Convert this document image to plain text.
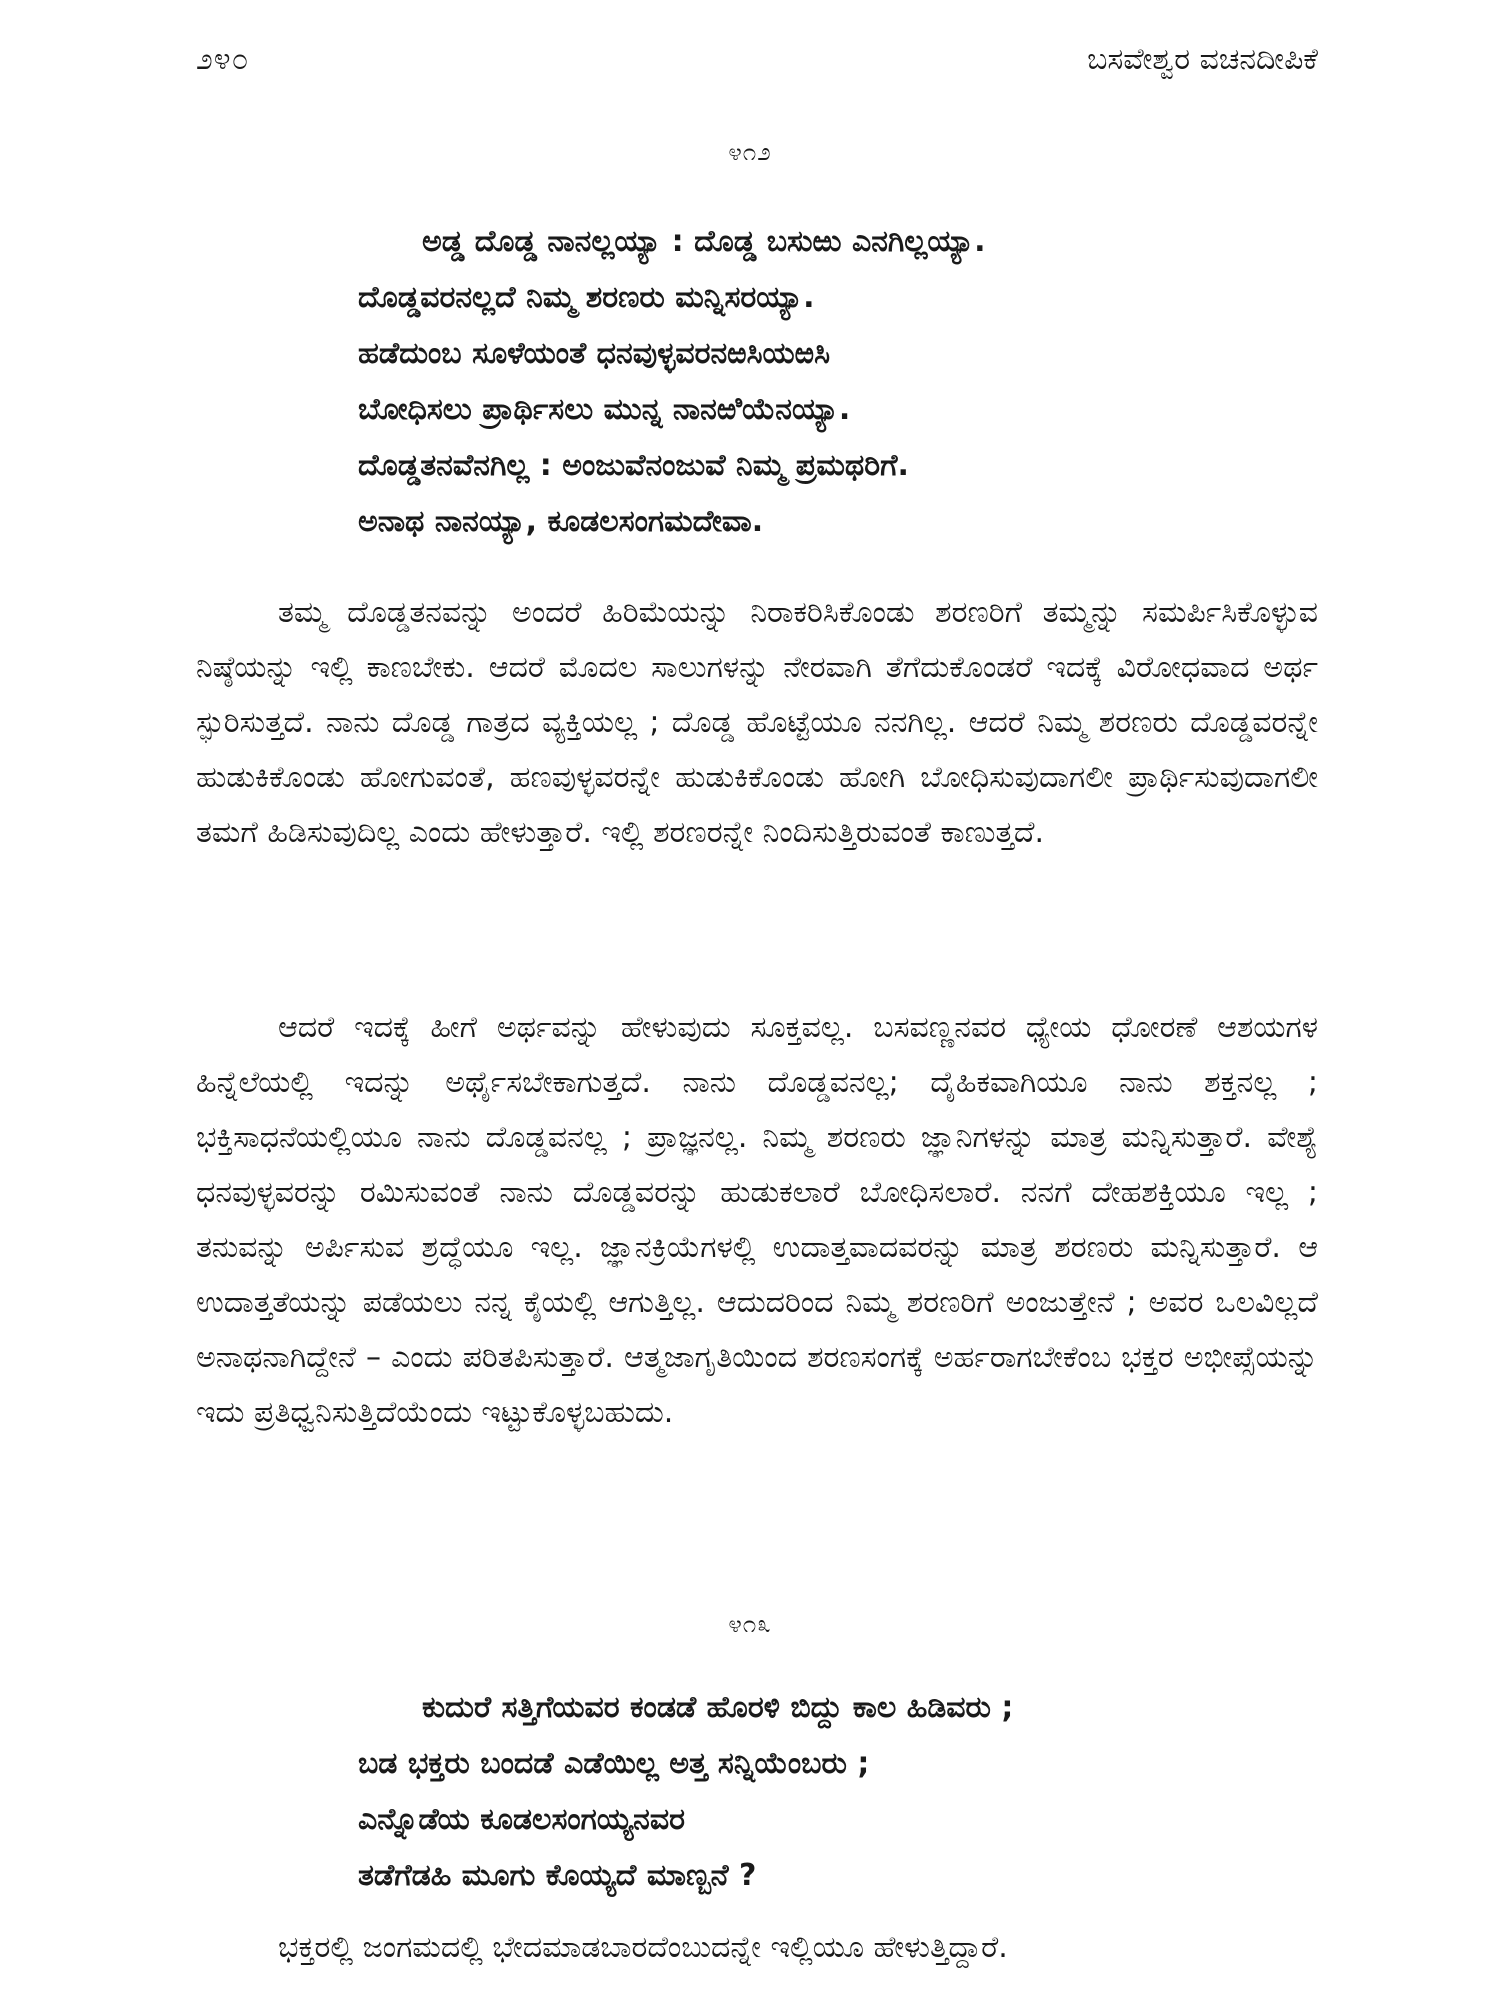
೨೪೦	ಬಸವೇಶ್ವರ ವಚನದೀಪಿಕೆ
೪೧೨
ಅಡ್ಡ ದೊಡ್ಡ ನಾನಲ್ಲಯ್ಯಾ : ದೊಡ್ಡ ಬಸುಱು ಎನಗಿಲ್ಲಯ್ಯಾ.
ದೊಡ್ಡವರನಲ್ಲದೆ ನಿಮ್ಮ ಶರಣರು ಮನ್ನಿಸರಯ್ಯಾ.
ಹಡೆದುಂಬ ಸೂಳೆಯಂತೆ ಧನವುಳ್ಳವರನಱಸಿಯಱಸಿ
ಬೋಧಿಸಲು ಪ್ರಾರ್ಥಿಸಲು ಮುನ್ನ ನಾನಱಿಯೆನಯ್ಯಾ.
ದೊಡ್ಡತನವೆನಗಿಲ್ಲ : ಅಂಜುವೆನಂಜುವೆ ನಿಮ್ಮ ಪ್ರಮಥರಿಗೆ.
ಅನಾಥ ನಾನಯ್ಯಾ, ಕೂಡಲಸಂಗಮದೇವಾ.

ತಮ್ಮ ದೊಡ್ಡತನವನ್ನು ಅಂದರೆ ಹಿರಿಮೆಯನ್ನು ನಿರಾಕರಿಸಿಕೊಂಡು ಶರಣರಿಗೆ ತಮ್ಮನ್ನು ಸಮರ್ಪಿಸಿಕೊಳ್ಳುವ ನಿಷ್ಠೆಯನ್ನು ಇಲ್ಲಿ ಕಾಣಬೇಕು. ಆದರೆ ಮೊದಲ ಸಾಲುಗಳನ್ನು ನೇರವಾಗಿ ತೆಗೆದುಕೊಂಡರೆ ಇದಕ್ಕೆ ವಿರೋಧವಾದ ಅರ್ಥ ಸ್ಫುರಿಸುತ್ತದೆ. ನಾನು ದೊಡ್ಡ ಗಾತ್ರದ ವ್ಯಕ್ತಿಯಲ್ಲ ; ದೊಡ್ಡ ಹೊಟ್ಟೆಯೂ ನನಗಿಲ್ಲ. ಆದರೆ ನಿಮ್ಮ ಶರಣರು ದೊಡ್ಡವರನ್ನೇ ಹುಡುಕಿಕೊಂಡು ಹೋಗುವಂತೆ, ಹಣವುಳ್ಳವರನ್ನೇ ಹುಡುಕಿಕೊಂಡು ಹೋಗಿ ಬೋಧಿಸುವುದಾಗಲೀ ಪ್ರಾರ್ಥಿಸುವುದಾಗಲೀ ತಮಗೆ ಹಿಡಿಸುವುದಿಲ್ಲ ಎಂದು ಹೇಳುತ್ತಾರೆ. ಇಲ್ಲಿ ಶರಣರನ್ನೇ ನಿಂದಿಸುತ್ತಿರುವಂತೆ ಕಾಣುತ್ತದೆ.

ಆದರೆ ಇದಕ್ಕೆ ಹೀಗೆ ಅರ್ಥವನ್ನು ಹೇಳುವುದು ಸೂಕ್ತವಲ್ಲ. ಬಸವಣ್ಣನವರ ಧ್ಯೇಯ ಧೋರಣೆ ಆಶಯಗಳ ಹಿನ್ನೆಲೆಯಲ್ಲಿ ಇದನ್ನು ಅರ್ಥೈಸಬೇಕಾಗುತ್ತದೆ. ನಾನು ದೊಡ್ಡವನಲ್ಲ; ದೈಹಿಕವಾಗಿಯೂ ನಾನು ಶಕ್ತನಲ್ಲ ; ಭಕ್ತಿಸಾಧನೆಯಲ್ಲಿಯೂ ನಾನು ದೊಡ್ಡವನಲ್ಲ ; ಪ್ರಾಜ್ಞನಲ್ಲ. ನಿಮ್ಮ ಶರಣರು ಜ್ಞಾನಿಗಳನ್ನು ಮಾತ್ರ ಮನ್ನಿಸುತ್ತಾರೆ. ವೇಶ್ಯೆ ಧನವುಳ್ಳವರನ್ನು ರಮಿಸುವಂತೆ ನಾನು ದೊಡ್ಡವರನ್ನು ಹುಡುಕಲಾರೆ ಬೋಧಿಸಲಾರೆ. ನನಗೆ ದೇಹಶಕ್ತಿಯೂ ಇಲ್ಲ ; ತನುವನ್ನು ಅರ್ಪಿಸುವ ಶ್ರದ್ಧೆಯೂ ಇಲ್ಲ. ಜ್ಞಾನಕ್ರಿಯೆಗಳಲ್ಲಿ ಉದಾತ್ತವಾದವರನ್ನು ಮಾತ್ರ ಶರಣರು ಮನ್ನಿಸುತ್ತಾರೆ. ಆ ಉದಾತ್ತತೆಯನ್ನು ಪಡೆಯಲು ನನ್ನ ಕೈಯಲ್ಲಿ ಆಗುತ್ತಿಲ್ಲ. ಆದುದರಿಂದ ನಿಮ್ಮ ಶರಣರಿಗೆ ಅಂಜುತ್ತೇನೆ ; ಅವರ ಒಲವಿಲ್ಲದೆ ಅನಾಥನಾಗಿದ್ದೇನೆ – ಎಂದು ಪರಿತಪಿಸುತ್ತಾರೆ. ಆತ್ಮಜಾಗೃತಿಯಿಂದ ಶರಣಸಂಗಕ್ಕೆ ಅರ್ಹರಾಗಬೇಕೆಂಬ ಭಕ್ತರ ಅಭೀಪ್ಸೆಯನ್ನು ಇದು ಪ್ರತಿಧ್ವನಿಸುತ್ತಿದೆಯೆಂದು ಇಟ್ಟುಕೊಳ್ಳಬಹುದು.

೪೧೩
ಕುದುರೆ ಸತ್ತಿಗೆಯವರ ಕಂಡಡೆ ಹೊರಳಿ ಬಿದ್ದು ಕಾಲ ಹಿಡಿವರು ;
ಬಡ ಭಕ್ತರು ಬಂದಡೆ ಎಡೆಯಿಲ್ಲ ಅತ್ತ ಸನ್ನಿಯೆಂಬರು ;
ಎನ್ನೊಡೆಯ ಕೂಡಲಸಂಗಯ್ಯನವರ
ತಡೆಗೆಡಹಿ ಮೂಗು ಕೊಯ್ಯದೆ ಮಾಣ್ಬನೆ ?

ಭಕ್ತರಲ್ಲಿ ಜಂಗಮದಲ್ಲಿ ಭೇದಮಾಡಬಾರದೆಂಬುದನ್ನೇ ಇಲ್ಲಿಯೂ ಹೇಳುತ್ತಿದ್ದಾರೆ.
